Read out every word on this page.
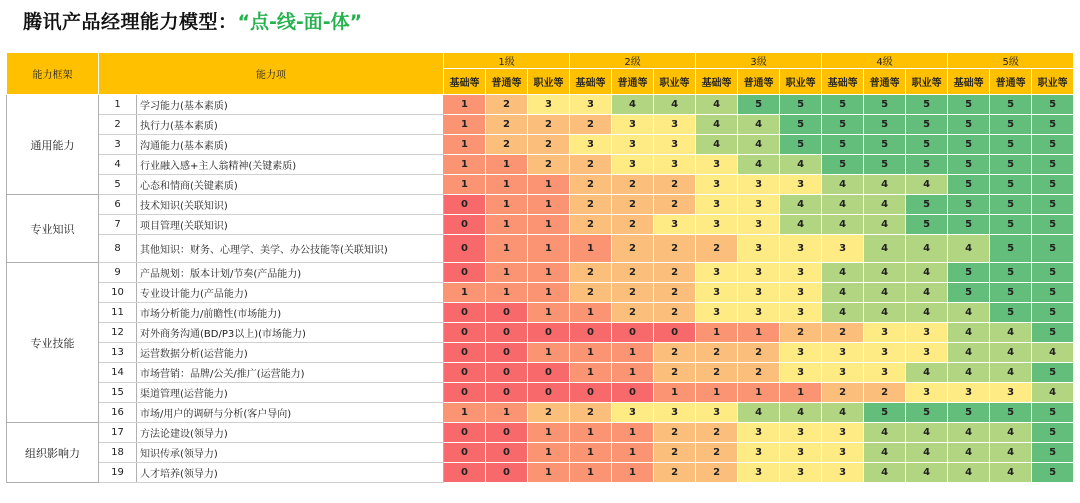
腾讯产品经理能力模型：“点-线-面-体”
能力框架	能力项		1级			2级			3级			4级			5级		
			基础等	普通等	职业等	基础等	普通等	职业等	基础等	普通等	职业等	基础等	普通等	职业等	基础等	普通等	职业等
通用能力	1	学习能力(基本素质)	1	2	3	3	4	4	4	5	5	5	5	5	5	5	5
	2	执行力(基本素质)	1	2	2	2	3	3	4	4	5	5	5	5	5	5	5
	3	沟通能力(基本素质)	1	2	2	3	3	3	4	4	5	5	5	5	5	5	5
	4	行业融入感+主人翁精神(关键素质)	1	1	2	2	3	3	3	4	4	5	5	5	5	5	5
	5	心态和情商(关键素质)	1	1	1	2	2	2	3	3	3	4	4	4	5	5	5
专业知识	6	技术知识(关联知识)	0	1	1	2	2	2	3	3	4	4	4	5	5	5	5
	7	项目管理(关联知识)	0	1	1	2	2	3	3	3	4	4	4	5	5	5	5
	8	其他知识：财务、心理学、美学、办公技能等(关联知识)	0	1	1	1	2	2	2	3	3	3	4	4	4	5	5
专业技能	9	产品规划：版本计划/节奏(产品能力)	0	1	1	2	2	2	3	3	3	4	4	4	5	5	5
	10	专业设计能力(产品能力)	1	1	1	2	2	2	3	3	3	4	4	4	5	5	5
	11	市场分析能力/前瞻性(市场能力)	0	0	1	1	2	2	3	3	3	4	4	4	4	5	5
	12	对外商务沟通(BD/P3以上)(市场能力)	0	0	0	0	0	0	1	1	2	2	3	3	4	4	5
	13	运营数据分析(运营能力)	0	0	1	1	1	2	2	2	3	3	3	3	4	4	4
	14	市场营销：品牌/公关/推广(运营能力)	0	0	0	1	1	2	2	2	3	3	3	4	4	4	5
	15	渠道管理(运营能力)	0	0	0	0	0	1	1	1	1	2	2	3	3	3	4
	16	市场/用户的调研与分析(客户导向)	1	1	2	2	3	3	3	4	4	4	5	5	5	5	5
组织影响力	17	方法论建设(领导力)	0	0	1	1	1	2	2	3	3	3	4	4	4	4	5
	18	知识传承(领导力)	0	0	1	1	1	2	2	3	3	3	4	4	4	4	5
	19	人才培养(领导力)	0	0	1	1	1	2	2	3	3	3	4	4	4	4	5
